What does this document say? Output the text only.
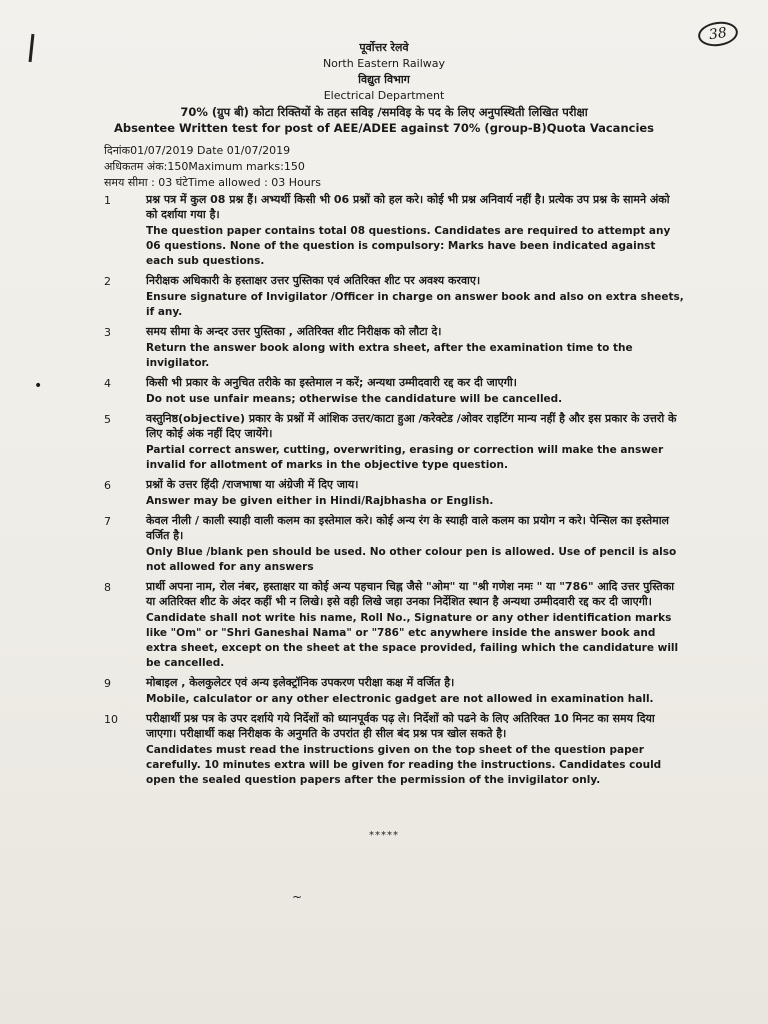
38
पूर्वोत्तर रेलवे
North Eastern Railway
विद्युत विभाग
Electrical Department
70% (ग्रुप बी) कोटा रिक्तियों के तहत सविइ /समविइ के पद के लिए अनुपस्थिती लिखित परीक्षा
Absentee Written test for post of AEE/ADEE against 70% (group-B)Quota Vacancies
दिनांक01/07/2019 Date 01/07/2019
अधिकतम अंक:150Maximum marks:150
समय सीमा : 03 घंटेTime allowed : 03 Hours
1	प्रश्न पत्र में कुल 08 प्रश्न हैं। अभ्यर्थी किसी भी 06 प्रश्नों को हल करे। कोई भी प्रश्न अनिवार्य नहीं है। प्रत्येक उप प्रश्न के सामने अंको को दर्शाया गया है।
The question paper contains total 08 questions. Candidates are required to attempt any 06 questions. None of the question is compulsory: Marks have been indicated against each sub questions.
2	निरीक्षक अधिकारी के हस्ताक्षर उत्तर पुस्तिका एवं अतिरिक्त शीट पर अवश्य करवाए।
Ensure signature of Invigilator /Officer in charge on answer book and also on extra sheets, if any.
3	समय सीमा के अन्दर उत्तर पुस्तिका , अतिरिक्त शीट निरीक्षक को लौटा दे।
Return the answer book along with extra sheet, after the examination time to the invigilator.
4	किसी भी प्रकार के अनुचित तरीके का इस्तेमाल न करें; अन्यथा उम्मीदवारी रद्द कर दी जाएगी।
Do not use unfair means; otherwise the candidature will be cancelled.
5	वस्तुनिष्ठ(objective) प्रकार के प्रश्नों में आंशिक उत्तर/काटा हुआ /करेक्टेड /ओवर राइटिंग मान्य नहीं है और इस प्रकार के उत्तरो के लिए कोई अंक नहीं दिए जायेंगे।
Partial correct answer, cutting, overwriting, erasing or correction will make the answer invalid for allotment of marks in the objective type question.
6	प्रश्नों के उत्तर हिंदी /राजभाषा या अंग्रेजी में दिए जाय।
Answer may be given either in Hindi/Rajbhasha or English.
7	केवल नीली / काली स्याही वाली कलम का इस्तेमाल करे। कोई अन्य रंग के स्याही वाले कलम का प्रयोग न करे। पेन्सिल का इस्तेमाल वर्जित है।
Only Blue /blank pen should be used. No other colour pen is allowed. Use of pencil is also not allowed for any answers
8	प्रार्थी अपना नाम, रोल नंबर, हस्ताक्षर या कोई अन्य पहचान चिह्न जैसे "ओम" या "श्री गणेश नमः " या "786" आदि उत्तर पुस्तिका या अतिरिक्त शीट के अंदर कहीं भी न लिखे। इसे वही लिखे जहा उनका निर्देशित स्थान है अन्यथा उम्मीदवारी रद्द कर दी जाएगी।
Candidate shall not write his name, Roll No., Signature or any other identification marks like "Om" or "Shri Ganeshai Nama" or "786" etc anywhere inside the answer book and extra sheet, except on the sheet at the space provided, failing which the candidature will be cancelled.
9	मोबाइल , केलकुलेटर एवं अन्य इलेक्ट्रॉनिक उपकरण परीक्षा कक्ष में वर्जित है।
Mobile, calculator or any other electronic gadget are not allowed in examination hall.
10	परीक्षार्थी प्रश्न पत्र के उपर दर्शाये गये निर्देशों को ध्यानपूर्वक पढ़ ले। निर्देशों को पढने के लिए अतिरिक्त 10 मिनट का समय दिया जाएगा। परीक्षार्थी कक्ष निरीक्षक के अनुमति के उपरांत ही सील बंद प्रश्न पत्र खोल सकते है।
Candidates must read the instructions given on the top sheet of the question paper carefully. 10 minutes extra will be given for reading the instructions. Candidates could open the sealed question papers after the permission of the invigilator only.
•
~
*****
